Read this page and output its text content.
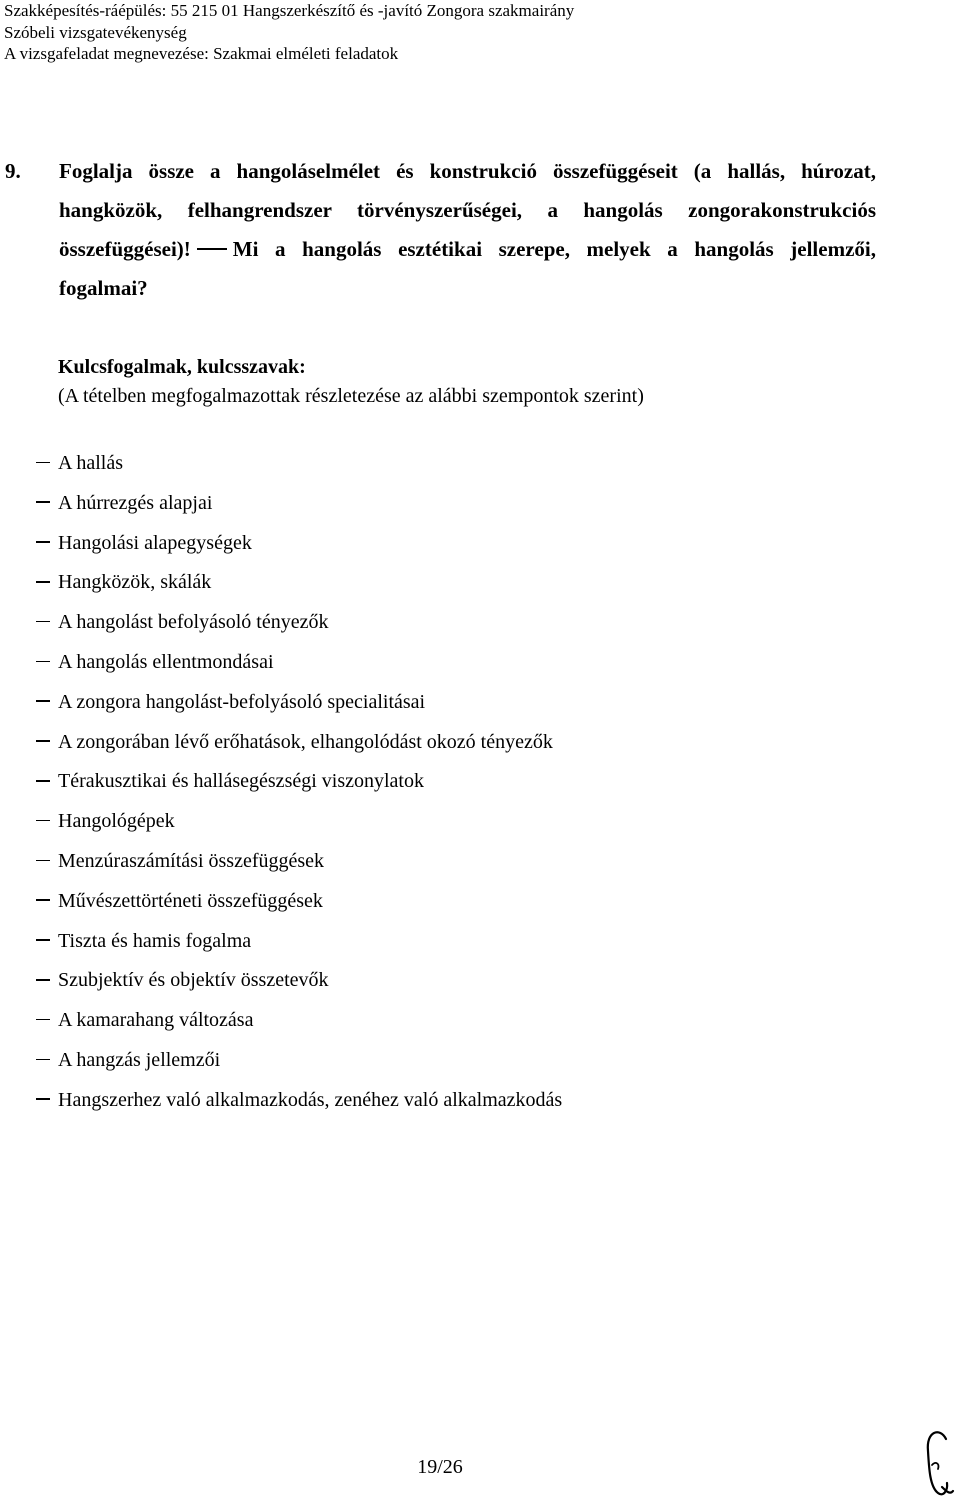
Szakképesítés-ráépülés: 55 215 01 Hangszerkészítő és -javító Zongora szakmairány
Szóbeli vizsgatevékenység
A vizsgafeladat megnevezése: Szakmai elméleti feladatok
9. Foglalja össze a hangoláselmélet és konstrukció összefüggéseit (a hallás, húrozat, hangközök, felhangrendszer törvényszerűségei, a hangolás zongorakonstrukciós összefüggései)! Mi a hangolás esztétikai szerepe, melyek a hangolás jellemzői, fogalmai?
Kulcsfogalmak, kulcsszavak:
(A tételben megfogalmazottak részletezése az alábbi szempontok szerint)
A hallás
A húrrezgés alapjai
Hangolási alapegységek
Hangközök, skálák
A hangolást befolyásoló tényezők
A hangolás ellentmondásai
A zongora hangolást-befolyásoló specialitásai
A zongorában lévő erőhatások, elhangolódást okozó tényezők
Térakusztikai és hallásegészségi viszonylatok
Hangológépek
Menzúraszámítási összefüggések
Művészettörténeti összefüggések
Tiszta és hamis fogalma
Szubjektív és objektív összetevők
A kamarahang változása
A hangzás jellemzői
Hangszerhez való alkalmazkodás, zenéhez való alkalmazkodás
19/26
